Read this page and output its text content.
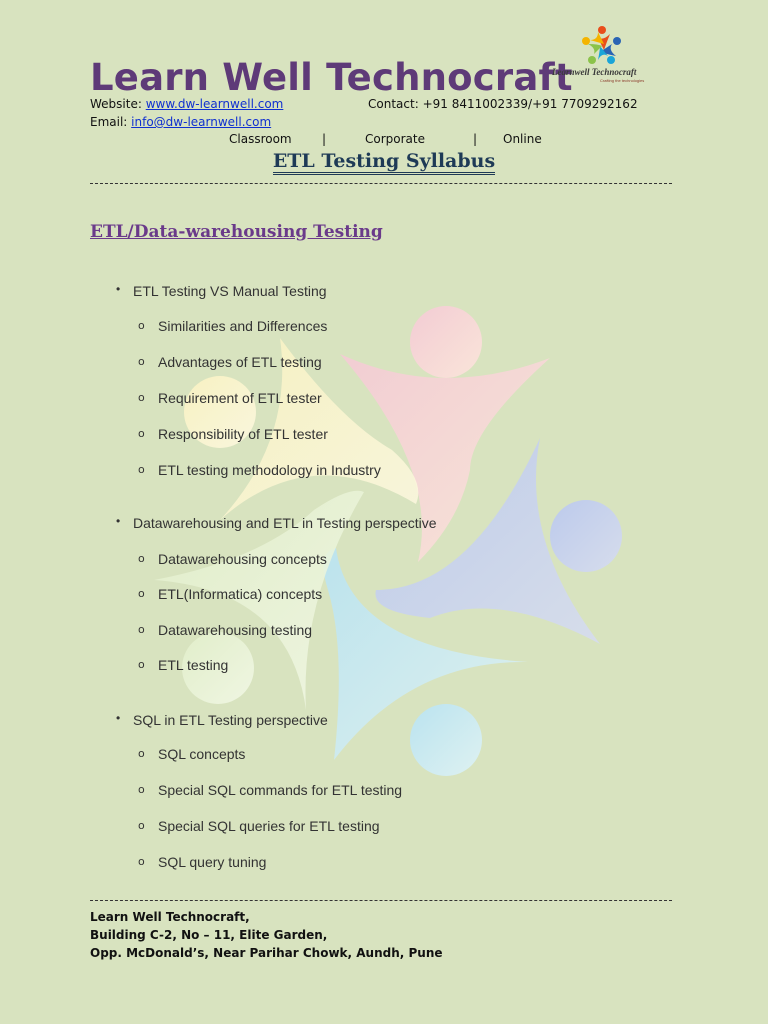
Learn Well Technocraft
Learnwell Technocraft
Crafting the technologies
Website: www.dw-learnwell.com	Contact: +91 8411002339/+91 7709292162
Email: info@dw-learnwell.com
Classroom	|	Corporate	| Online
ETL Testing Syllabus
ETL/Data-warehousing Testing
• ETL Testing VS Manual Testing
o Similarities and Differences
o Advantages of ETL testing
o Requirement of ETL tester
o Responsibility of ETL tester
o ETL testing methodology in Industry
• Datawarehousing and ETL in Testing perspective
o Datawarehousing concepts
o ETL(Informatica) concepts
o Datawarehousing testing
o ETL testing
• SQL in ETL Testing perspective
o SQL concepts
o Special SQL commands for ETL testing
o Special SQL queries for ETL testing
o SQL query tuning
Learn Well Technocraft,
Building C-2, No – 11, Elite Garden,
Opp. McDonald’s, Near Parihar Chowk, Aundh, Pune
